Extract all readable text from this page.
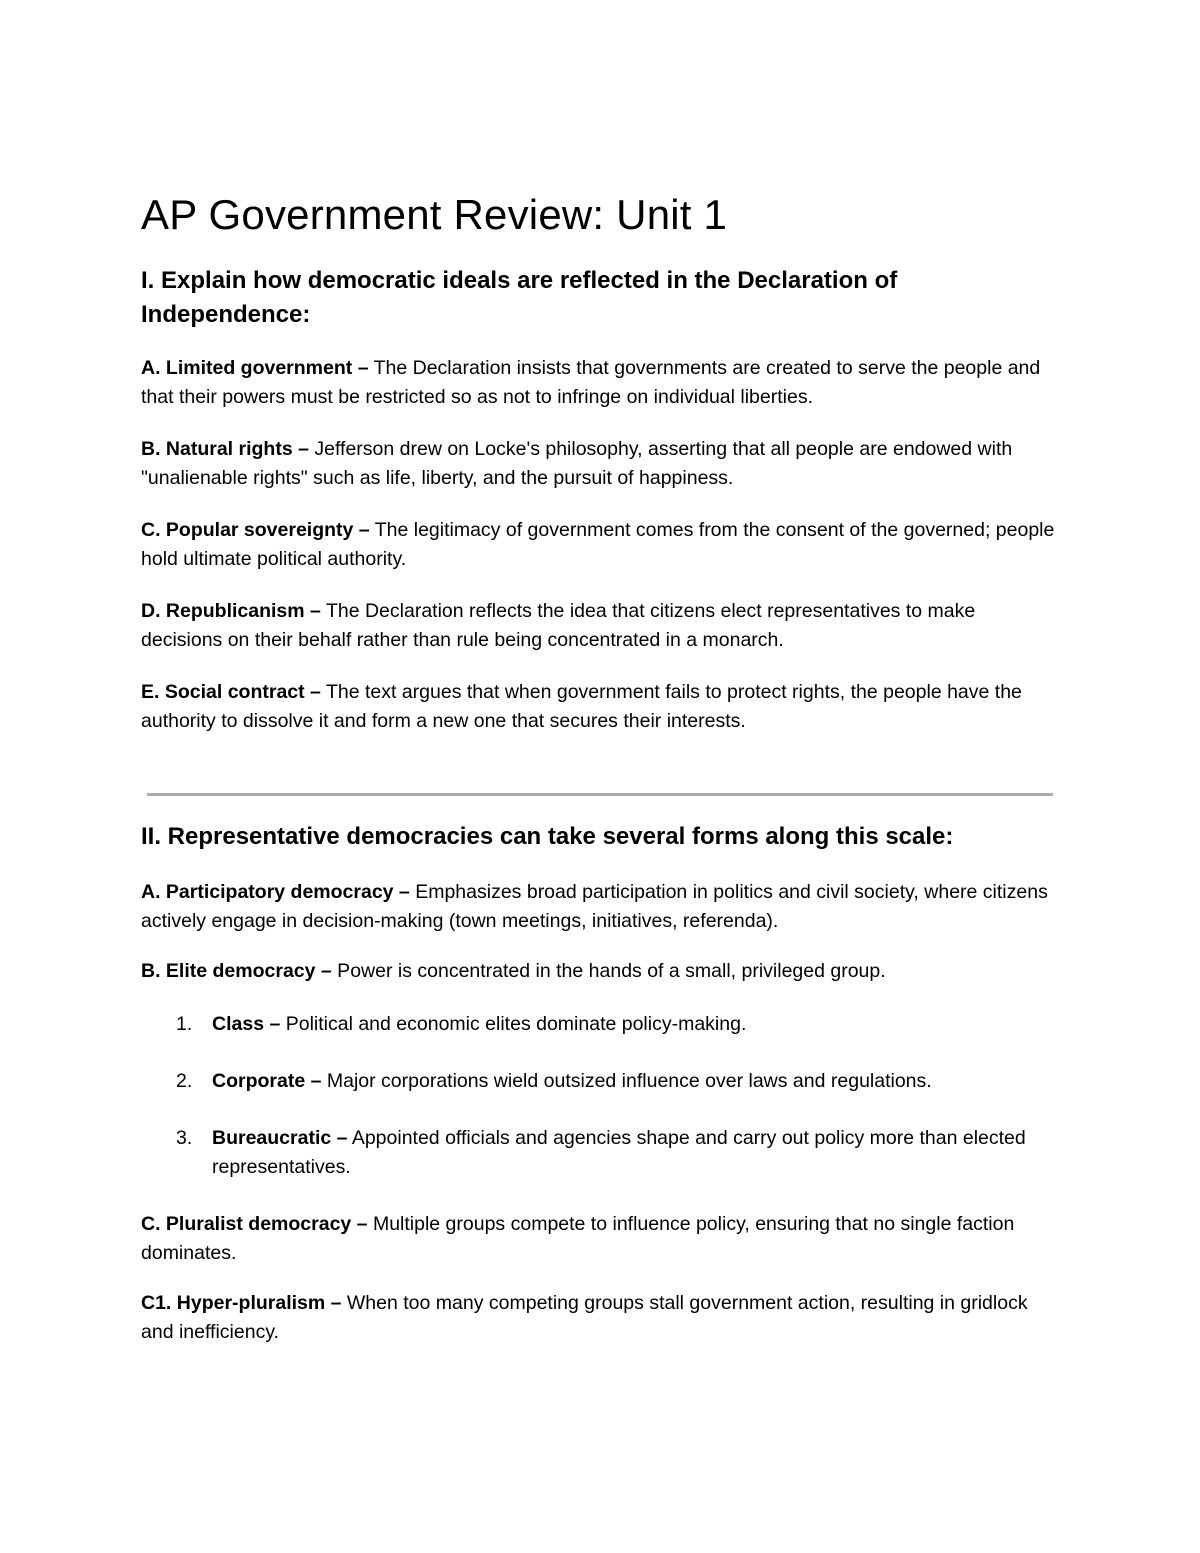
AP Government Review: Unit 1
I. Explain how democratic ideals are reflected in the Declaration of Independence:

A. Limited government – The Declaration insists that governments are created to serve the people and that their powers must be restricted so as not to infringe on individual liberties.

B. Natural rights – Jefferson drew on Locke's philosophy, asserting that all people are endowed with "unalienable rights" such as life, liberty, and the pursuit of happiness.

C. Popular sovereignty – The legitimacy of government comes from the consent of the governed; people hold ultimate political authority.

D. Republicanism – The Declaration reflects the idea that citizens elect representatives to make decisions on their behalf rather than rule being concentrated in a monarch.

E. Social contract – The text argues that when government fails to protect rights, the people have the authority to dissolve it and form a new one that secures their interests.

II. Representative democracies can take several forms along this scale:

A. Participatory democracy – Emphasizes broad participation in politics and civil society, where citizens actively engage in decision-making (town meetings, initiatives, referenda).

B. Elite democracy – Power is concentrated in the hands of a small, privileged group.

1. Class – Political and economic elites dominate policy-making.
2. Corporate – Major corporations wield outsized influence over laws and regulations.
3. Bureaucratic – Appointed officials and agencies shape and carry out policy more than elected representatives.

C. Pluralist democracy – Multiple groups compete to influence policy, ensuring that no single faction dominates.

C1. Hyper-pluralism – When too many competing groups stall government action, resulting in gridlock and inefficiency.
